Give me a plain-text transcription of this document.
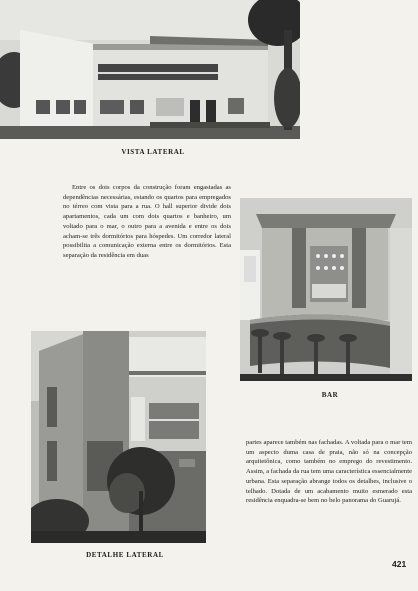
VISTA LATERAL

Entre os dois corpos da construção foram engastadas as dependências necessárias, estando os quartos para empregados no térreo com vista para a rua. O hall superior divide dois apartamentos, cada um com dois quartos e banheiro, um voltado para o mar, o outro para a avenida e entre os dois acham-se três dormitórios para hóspedes. Um corredor lateral possibilita a comunicação externa entre os dormitórios. Esta separação da residência em duas

BAR
DETALHE LATERAL

partes aparece também nas fachadas. A voltada para o mar tem um aspecto duma casa de praia, não só na concepção arquitetônica, como também no emprego do revestimento. Assim, a fachada da rua tem uma característica essencialmente urbana. Esta separação abrange todos os detalhes, inclusive o telhado. Dotada de um acabamento muito esmerado esta residência enquadra-se bem no belo panorama do Guarujá.

421
